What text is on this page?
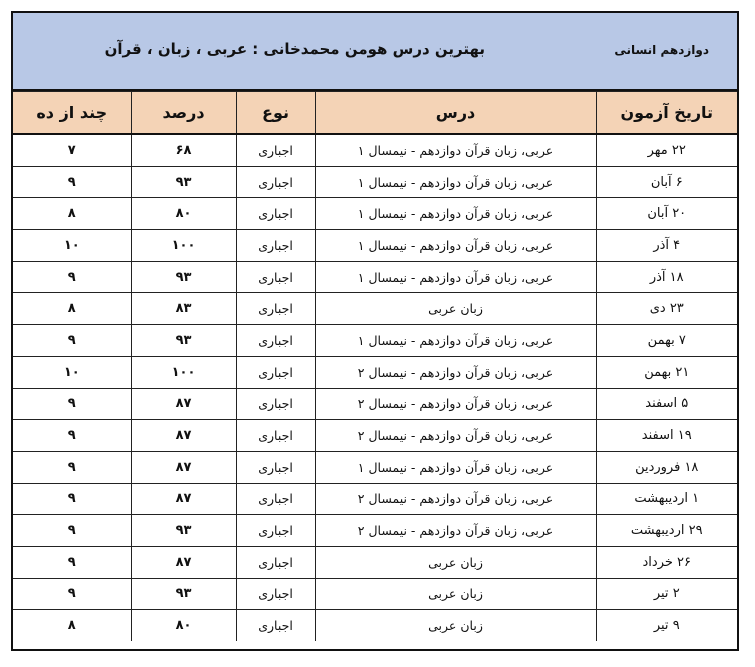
دوازدهم انسانی
بهترین درس هومن محمدخانی : عربی ، زبان ، قرآن
تاریخ آزمون	درس	نوع	درصد	چند از ده
۲۲ مهر	عربی، زبان قرآن دوازدهم - نیمسال ۱	اجباری	۶۸	۷
۶ آبان	عربی، زبان قرآن دوازدهم - نیمسال ۱	اجباری	۹۳	۹
۲۰ آبان	عربی، زبان قرآن دوازدهم - نیمسال ۱	اجباری	۸۰	۸
۴ آذر	عربی، زبان قرآن دوازدهم - نیمسال ۱	اجباری	۱۰۰	۱۰
۱۸ آذر	عربی، زبان قرآن دوازدهم - نیمسال ۱	اجباری	۹۳	۹
۲۳ دی	زبان عربی	اجباری	۸۳	۸
۷ بهمن	عربی، زبان قرآن دوازدهم - نیمسال ۱	اجباری	۹۳	۹
۲۱ بهمن	عربی، زبان قرآن دوازدهم - نیمسال ۲	اجباری	۱۰۰	۱۰
۵ اسفند	عربی، زبان قرآن دوازدهم - نیمسال ۲	اجباری	۸۷	۹
۱۹ اسفند	عربی، زبان قرآن دوازدهم - نیمسال ۲	اجباری	۸۷	۹
۱۸ فروردین	عربی، زبان قرآن دوازدهم - نیمسال ۱	اجباری	۸۷	۹
۱ اردیبهشت	عربی، زبان قرآن دوازدهم - نیمسال ۲	اجباری	۸۷	۹
۲۹ اردیبهشت	عربی، زبان قرآن دوازدهم - نیمسال ۲	اجباری	۹۳	۹
۲۶ خرداد	زبان عربی	اجباری	۸۷	۹
۲ تیر	زبان عربی	اجباری	۹۳	۹
۹ تیر	زبان عربی	اجباری	۸۰	۸
